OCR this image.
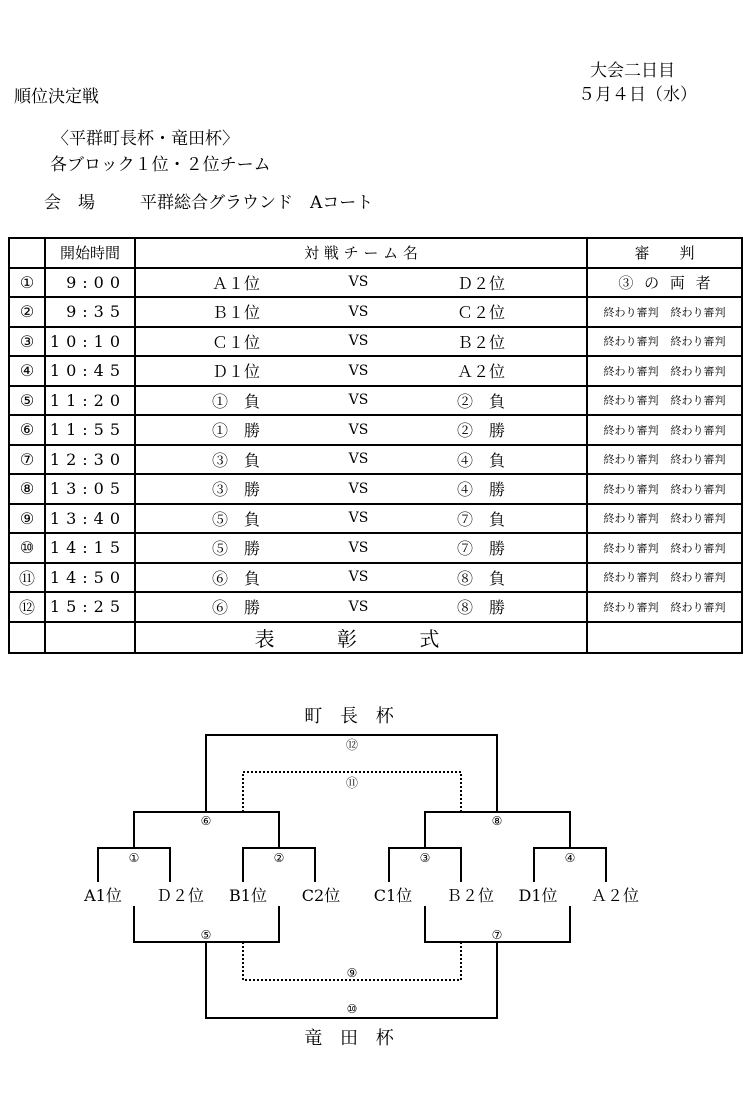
大会二日目
順位決定戦	５月４日（水）
〈平群町長杯・竜田杯〉
各ブロック１位・２位チーム
会　場	平群総合グラウンド　Aコート
	開始時間	対 戦 チ ー ム 名	審　　判
①	9:00	Ａ１位 VS Ｄ２位	③ の 両 者
②	9:35	Ｂ１位 VS Ｃ２位	終わり審判 終わり審判
③	10:10	Ｃ１位 VS Ｂ２位	終わり審判 終わり審判
④	10:45	Ｄ１位 VS Ａ２位	終わり審判 終わり審判
⑤	11:20	①　負 VS ②　負	終わり審判 終わり審判
⑥	11:55	①　勝 VS ②　勝	終わり審判 終わり審判
⑦	12:30	③　負 VS ④　負	終わり審判 終わり審判
⑧	13:05	③　勝 VS ④　勝	終わり審判 終わり審判
⑨	13:40	⑤　負 VS ⑦　負	終わり審判 終わり審判
⑩	14:15	⑤　勝 VS ⑦　勝	終わり審判 終わり審判
⑪	14:50	⑥　負 VS ⑧　負	終わり審判 終わり審判
⑫	15:25	⑥　勝 VS ⑧　勝	終わり審判 終わり審判
		表 彰 式	
町 長 杯
竜 田 杯
A1位 Ｄ２位 B1位 C2位 C1位 Ｂ２位 D1位 Ａ２位
⑫
⑪
⑥	⑧
①	②	③	④
⑤	⑦
⑨
⑩
